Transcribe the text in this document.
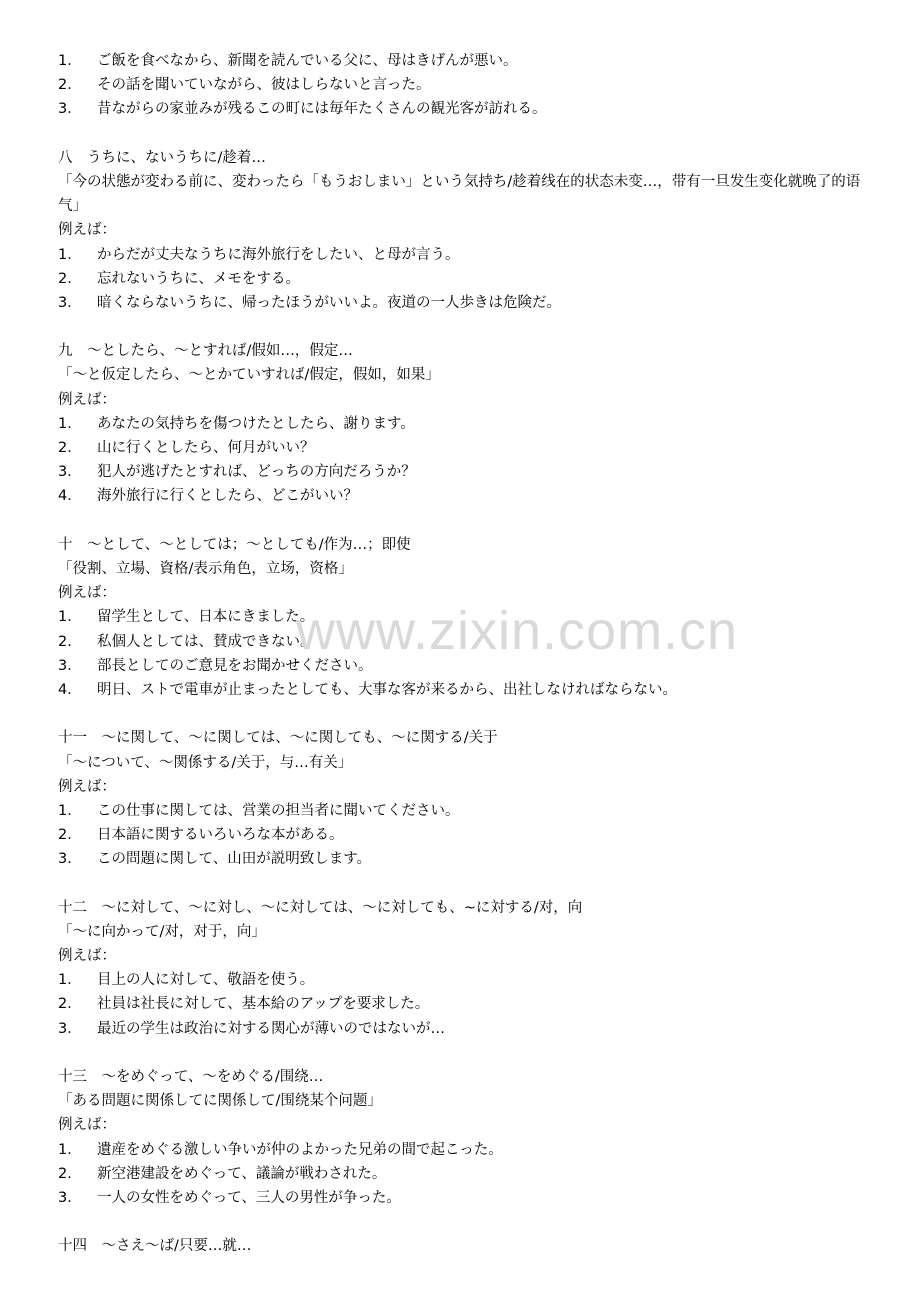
1． ご飯を食べなから、新聞を読んでいる父に、母はきげんが悪い。
2． その話を聞いていながら、彼はしらないと言った。
3． 昔ながらの家並みが残るこの町には毎年たくさんの観光客が訪れる。
八　うちに、ないうちに/趁着…
「今の状態が変わる前に、変わったら「もうおしまい」という気持ち/趁着线在的状态未变…，带有一旦发生变化就晚了的语气」
例えば：
1． からだが丈夫なうちに海外旅行をしたい、と母が言う。
2． 忘れないうちに、メモをする。
3． 暗くならないうちに、帰ったほうがいいよ。夜道の一人歩きは危険だ。
九　～としたら、～とすれば/假如…，假定…
「～と仮定したら、～とかていすれば/假定，假如，如果」
例えば：
1． あなたの気持ちを傷つけたとしたら、謝ります。
2． 山に行くとしたら、何月がいい？
3． 犯人が逃げたとすれば、どっちの方向だろうか？
4． 海外旅行に行くとしたら、どこがいい？
十　～として、～としては；～としても/作为…；即使
「役割、立場、資格/表示角色，立场，资格」
例えば：
1． 留学生として、日本にきました。
2． 私個人としては、賛成できない。
3． 部長としてのご意見をお聞かせください。
4． 明日、ストで電車が止まったとしても、大事な客が来るから、出社しなければならない。
十一　～に関して、～に関しては、～に関しても、～に関する/关于
「～について、～関係する/关于，与…有关」
例えば：
1． この仕事に関しては、営業の担当者に聞いてください。
2． 日本語に関するいろいろな本がある。
3． この問題に関して、山田が説明致します。
十二　～に対して、～に対し、～に対しては、～に対しても、~に対する/对，向
「～に向かって/对，对于，向」
例えば：
1． 目上の人に対して、敬語を使う。
2． 社員は社長に対して、基本給のアップを要求した。
3． 最近の学生は政治に対する関心が薄いのではないが…
十三　～をめぐって、～をめぐる/围绕…
「ある問題に関係してに関係して/围绕某个问题」
例えば：
1． 遺産をめぐる激しい争いが仲のよかった兄弟の間で起こった。
2． 新空港建設をめぐって、議論が戦わされた。
3． 一人の女性をめぐって、三人の男性が争った。
十四　～さえ～ば/只要…就…
www.zixin.com.cn
